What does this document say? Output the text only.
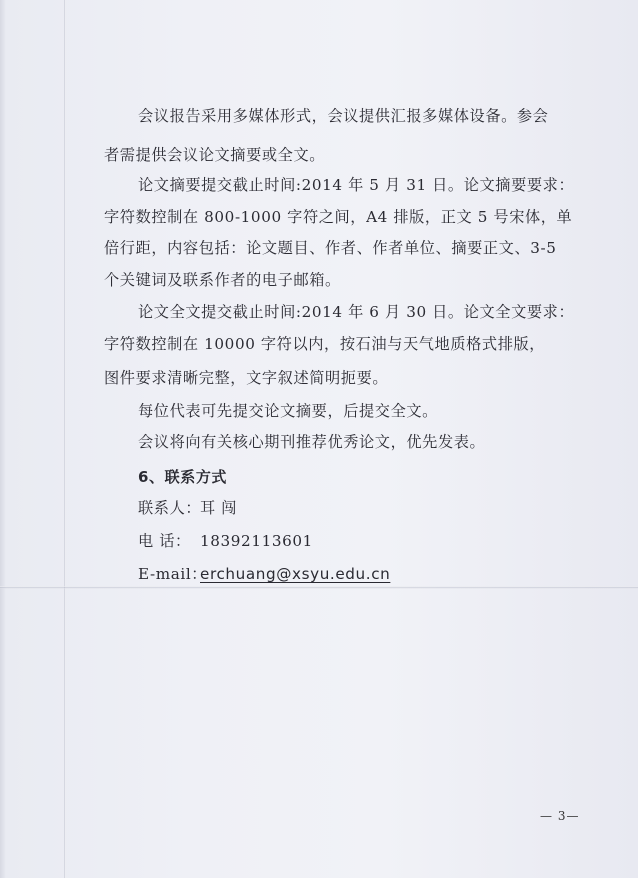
会议报告采用多媒体形式，会议提供汇报多媒体设备。参会
者需提供会议论文摘要或全文。
论文摘要提交截止时间:2014 年 5 月 31 日。论文摘要要求：
字符数控制在 800-1000 字符之间，A4 排版，正文 5 号宋体，单
倍行距，内容包括：论文题目、作者、作者单位、摘要正文、3-5
个关键词及联系作者的电子邮箱。
论文全文提交截止时间:2014 年 6 月 30 日。论文全文要求：
字符数控制在 10000 字符以内，按石油与天气地质格式排版，
图件要求清晰完整，文字叙述简明扼要。
每位代表可先提交论文摘要，后提交全文。
会议将向有关核心期刊推荐优秀论文，优先发表。
6、联系方式
联系人：耳 闯
电 话： 18392113601
E-mail：erchuang@xsyu.edu.cn
— 3—
